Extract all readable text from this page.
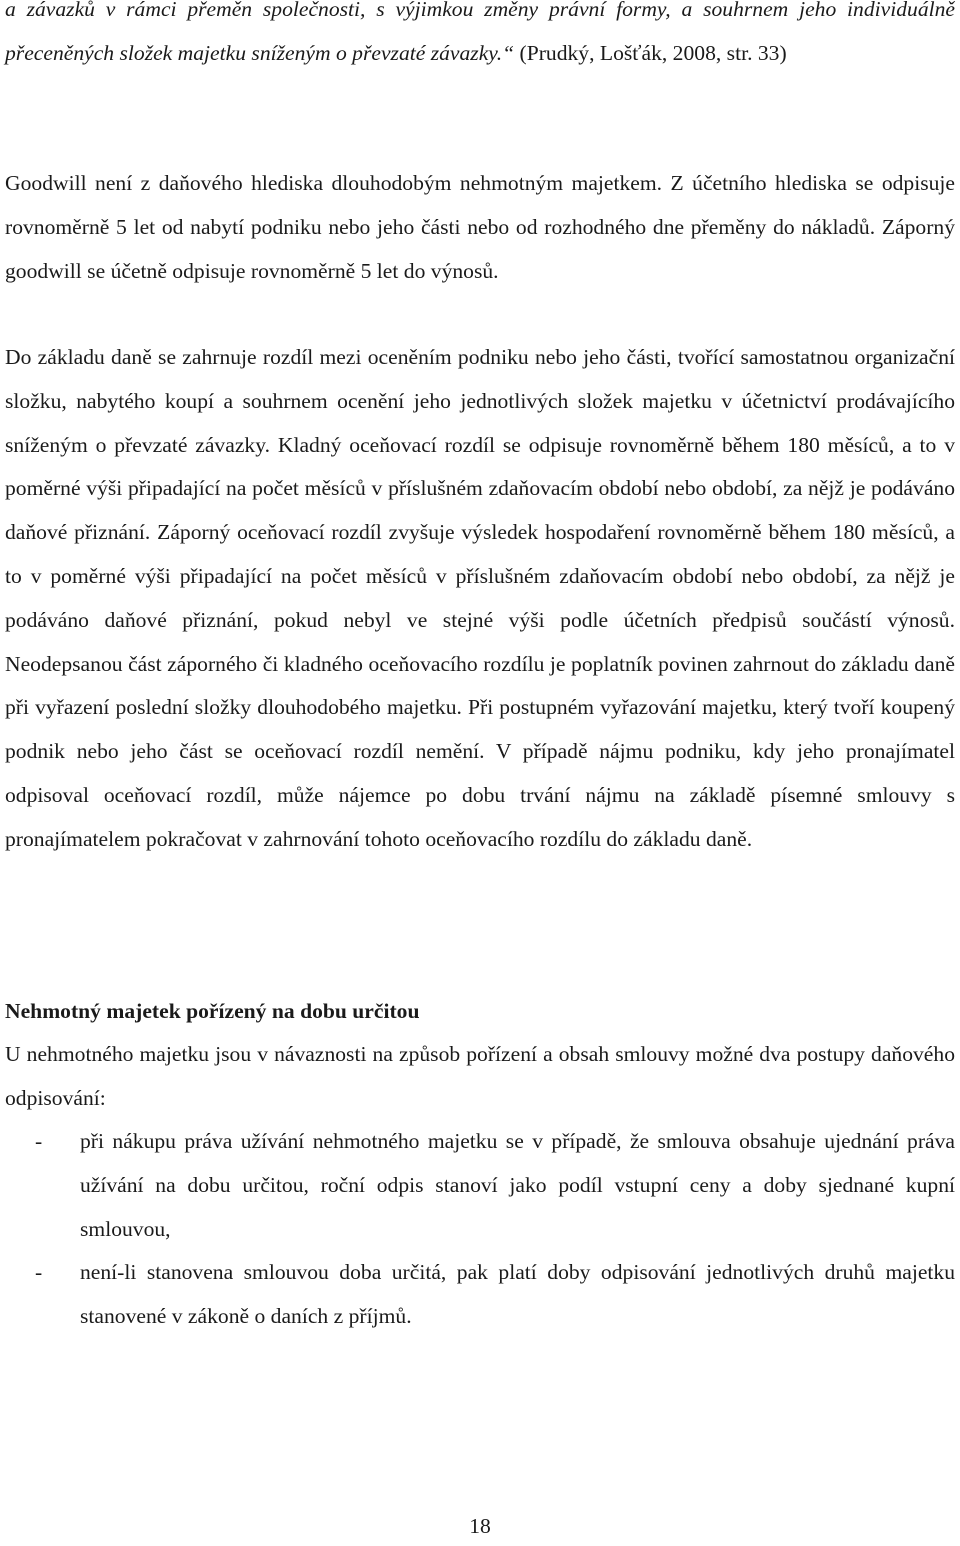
a závazků v rámci přeměn společnosti, s výjimkou změny právní formy, a souhrnem jeho individuálně přeceněných složek majetku sníženým o převzaté závazky.“ (Prudký, Lošťák, 2008, str. 33)

Goodwill není z daňového hlediska dlouhodobým nehmotným majetkem. Z účetního hlediska se odpisuje rovnoměrně 5 let od nabytí podniku nebo jeho části nebo od rozhodného dne přeměny do nákladů. Záporný goodwill se účetně odpisuje rovnoměrně 5 let do výnosů.

Do základu daně se zahrnuje rozdíl mezi oceněním podniku nebo jeho části, tvořící samostatnou organizační složku, nabytého koupí a souhrnem ocenění jeho jednotlivých složek majetku v účetnictví prodávajícího sníženým o převzaté závazky. Kladný oceňovací rozdíl se odpisuje rovnoměrně během 180 měsíců, a to v poměrné výši připadající na počet měsíců v příslušném zdaňovacím období nebo období, za nějž je podáváno daňové přiznání. Záporný oceňovací rozdíl zvyšuje výsledek hospodaření rovnoměrně během 180 měsíců, a to v poměrné výši připadající na počet měsíců v příslušném zdaňovacím období nebo období, za nějž je podáváno daňové přiznání, pokud nebyl ve stejné výši podle účetních předpisů součástí výnosů. Neodepsanou část záporného či kladného oceňovacího rozdílu je poplatník povinen zahrnout do základu daně při vyřazení poslední složky dlouhodobého majetku. Při postupném vyřazování majetku, který tvoří koupený podnik nebo jeho část se oceňovací rozdíl nemění. V případě nájmu podniku, kdy jeho pronajímatel odpisoval oceňovací rozdíl, může nájemce po dobu trvání nájmu na základě písemné smlouvy s pronajímatelem pokračovat v zahrnování tohoto oceňovacího rozdílu do základu daně.

Nehmotný majetek pořízený na dobu určitou

U nehmotného majetku jsou v návaznosti na způsob pořízení a obsah smlouvy možné dva postupy daňového odpisování:

- při nákupu práva užívání nehmotného majetku se v případě, že smlouva obsahuje ujednání práva užívání na dobu určitou, roční odpis stanoví jako podíl vstupní ceny a doby sjednané kupní smlouvou,
- není-li stanovena smlouvou doba určitá, pak platí doby odpisování jednotlivých druhů majetku stanovené v zákoně o daních z příjmů.
18
